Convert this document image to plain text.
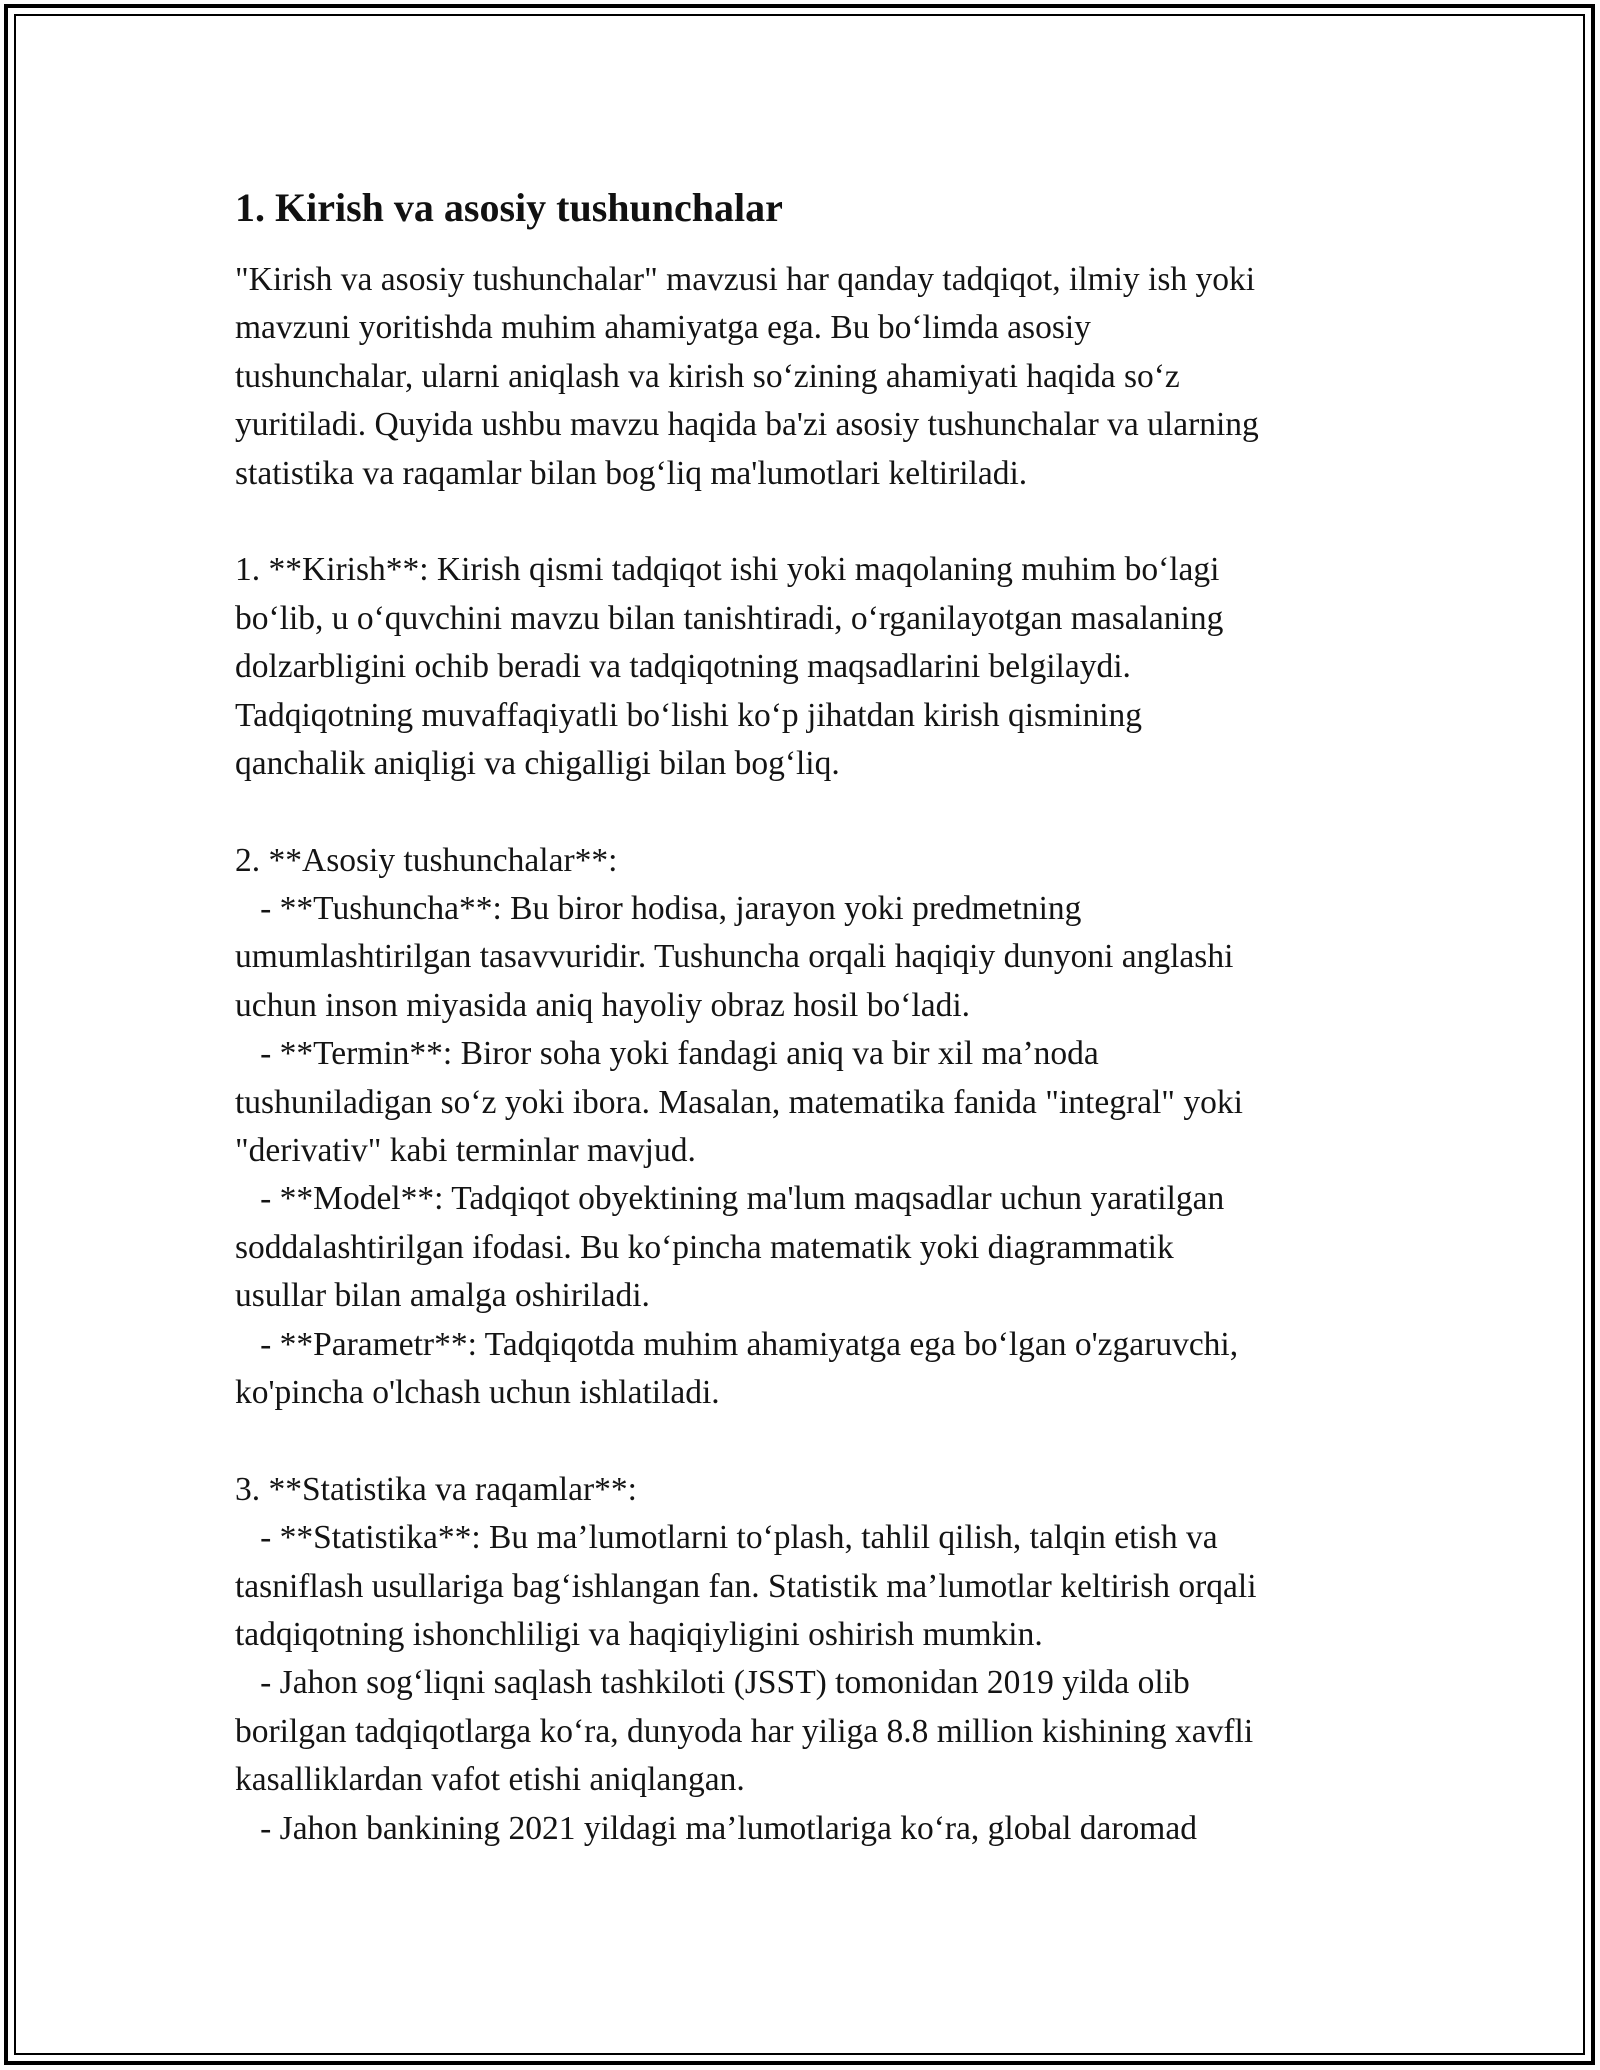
1. Kirish va asosiy tushunchalar
"Kirish va asosiy tushunchalar" mavzusi har qanday tadqiqot, ilmiy ish yoki
mavzuni yoritishda muhim ahamiyatga ega. Bu bo‘limda asosiy
tushunchalar, ularni aniqlash va kirish so‘zining ahamiyati haqida so‘z
yuritiladi. Quyida ushbu mavzu haqida ba'zi asosiy tushunchalar va ularning
statistika va raqamlar bilan bog‘liq ma'lumotlari keltiriladi.
1. **Kirish**: Kirish qismi tadqiqot ishi yoki maqolaning muhim bo‘lagi
bo‘lib, u o‘quvchini mavzu bilan tanishtiradi, o‘rganilayotgan masalaning
dolzarbligini ochib beradi va tadqiqotning maqsadlarini belgilaydi.
Tadqiqotning muvaffaqiyatli bo‘lishi ko‘p jihatdan kirish qismining
qanchalik aniqligi va chigalligi bilan bog‘liq.
2. **Asosiy tushunchalar**:
- **Tushuncha**: Bu biror hodisa, jarayon yoki predmetning
umumlashtirilgan tasavvuridir. Tushuncha orqali haqiqiy dunyoni anglashi
uchun inson miyasida aniq hayoliy obraz hosil bo‘ladi.
- **Termin**: Biror soha yoki fandagi aniq va bir xil ma’noda
tushuniladigan so‘z yoki ibora. Masalan, matematika fanida "integral" yoki
"derivativ" kabi terminlar mavjud.
- **Model**: Tadqiqot obyektining ma'lum maqsadlar uchun yaratilgan
soddalashtirilgan ifodasi. Bu ko‘pincha matematik yoki diagrammatik
usullar bilan amalga oshiriladi.
- **Parametr**: Tadqiqotda muhim ahamiyatga ega bo‘lgan o'zgaruvchi,
ko'pincha o'lchash uchun ishlatiladi.
3. **Statistika va raqamlar**:
- **Statistika**: Bu ma’lumotlarni to‘plash, tahlil qilish, talqin etish va
tasniflash usullariga bag‘ishlangan fan. Statistik ma’lumotlar keltirish orqali
tadqiqotning ishonchliligi va haqiqiyligini oshirish mumkin.
- Jahon sog‘liqni saqlash tashkiloti (JSST) tomonidan 2019 yilda olib
borilgan tadqiqotlarga ko‘ra, dunyoda har yiliga 8.8 million kishining xavfli
kasalliklardan vafot etishi aniqlangan.
- Jahon bankining 2021 yildagi ma’lumotlariga ko‘ra, global daromad
